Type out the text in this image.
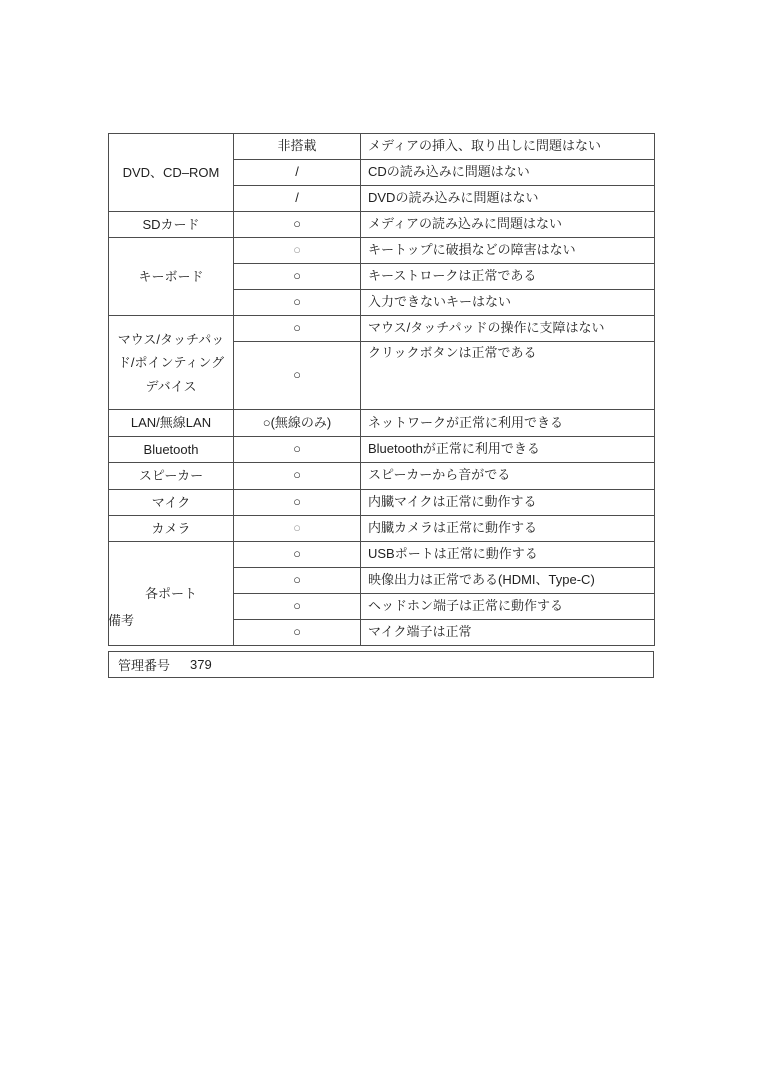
DVD、CD–ROM	非搭載	メディアの挿入、取り出しに問題はない
	/	CDの読み込みに問題はない
	/	DVDの読み込みに問題はない
SDカード	○	メディアの読み込みに問題はない
キーボード	○	キートップに破損などの障害はない
	○	キーストロークは正常である
	○	入力できないキーはない
マウス/タッチパッド/ポインティングデバイス	○	マウス/タッチパッドの操作に支障はない
	○	クリックボタンは正常である
LAN/無線LAN	○(無線のみ)	ネットワークが正常に利用できる
Bluetooth	○	Bluetoothが正常に利用できる
スピーカー	○	スピーカーから音がでる
マイク	○	内臓マイクは正常に動作する
カメラ	○	内臓カメラは正常に動作する
各ポート	○	USBポートは正常に動作する
	○	映像出力は正常である(HDMI、Type-C)
	○	ヘッドホン端子は正常に動作する
	○	マイク端子は正常
備考
管理番号 379
